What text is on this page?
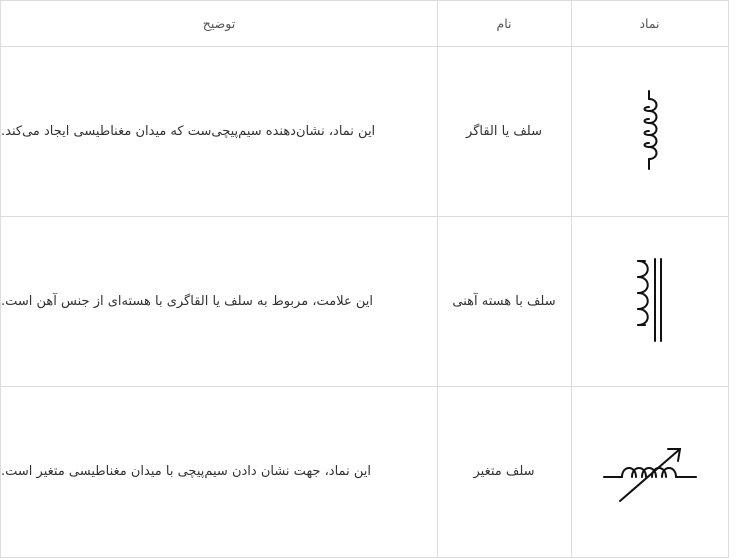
توضیح	نام	نماد
این نماد، نشان‌دهنده سیم‌پیچی‌ست که میدان مغناطیسی ایجاد می‌کند.	سلف یا القاگر
این علامت، مربوط به سلف یا القاگری با هسته‌ای از جنس آهن است.	سلف با هسته آهنی
این نماد، جهت نشان دادن سیم‌پیچی با میدان مغناطیسی متغیر است.	سلف متغیر
